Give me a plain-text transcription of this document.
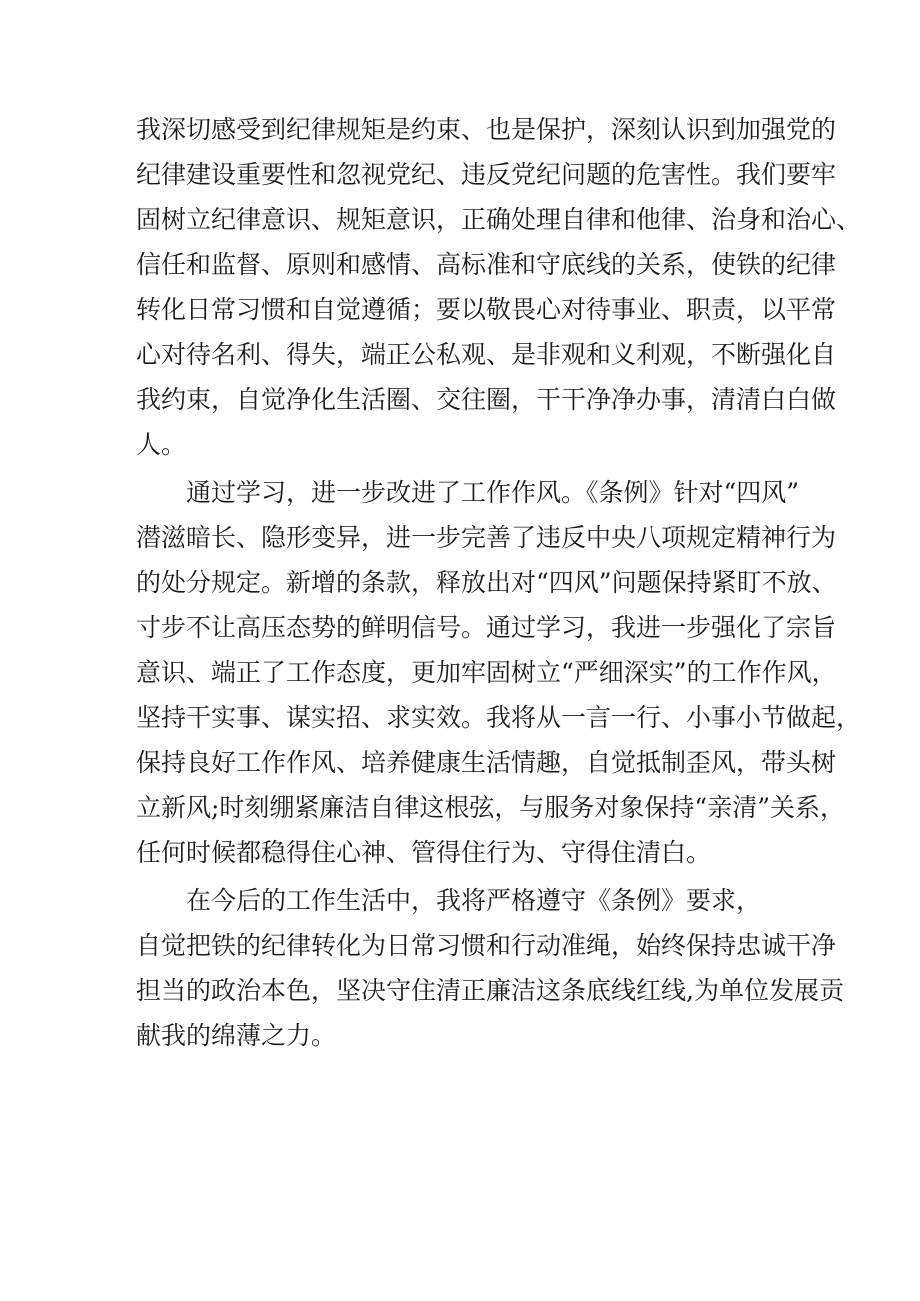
我深切感受到纪律规矩是约束、也是保护，深刻认识到加强党的
纪律建设重要性和忽视党纪、违反党纪问题的危害性。我们要牢
固树立纪律意识、规矩意识，正确处理自律和他律、治身和治心、
信任和监督、原则和感情、高标准和守底线的关系，使铁的纪律
转化日常习惯和自觉遵循；要以敬畏心对待事业、职责，以平常
心对待名利、得失，端正公私观、是非观和义利观，不断强化自
我约束，自觉净化生活圈、交往圈，干干净净办事，清清白白做
人。
通过学习，进一步改进了工作作风。《条例》针对“四风”
潜滋暗长、隐形变异，进一步完善了违反中央八项规定精神行为
的处分规定。新增的条款，释放出对“四风”问题保持紧盯不放、
寸步不让高压态势的鲜明信号。通过学习，我进一步强化了宗旨
意识、端正了工作态度，更加牢固树立“严细深实”的工作作风，
坚持干实事、谋实招、求实效。我将从一言一行、小事小节做起，
保持良好工作作风、培养健康生活情趣，自觉抵制歪风，带头树
立新风;时刻绷紧廉洁自律这根弦，与服务对象保持“亲清”关系，
任何时候都稳得住心神、管得住行为、守得住清白。
在今后的工作生活中，我将严格遵守《条例》要求，
自觉把铁的纪律转化为日常习惯和行动准绳，始终保持忠诚干净
担当的政治本色，坚决守住清正廉洁这条底线红线,为单位发展贡
献我的绵薄之力。
